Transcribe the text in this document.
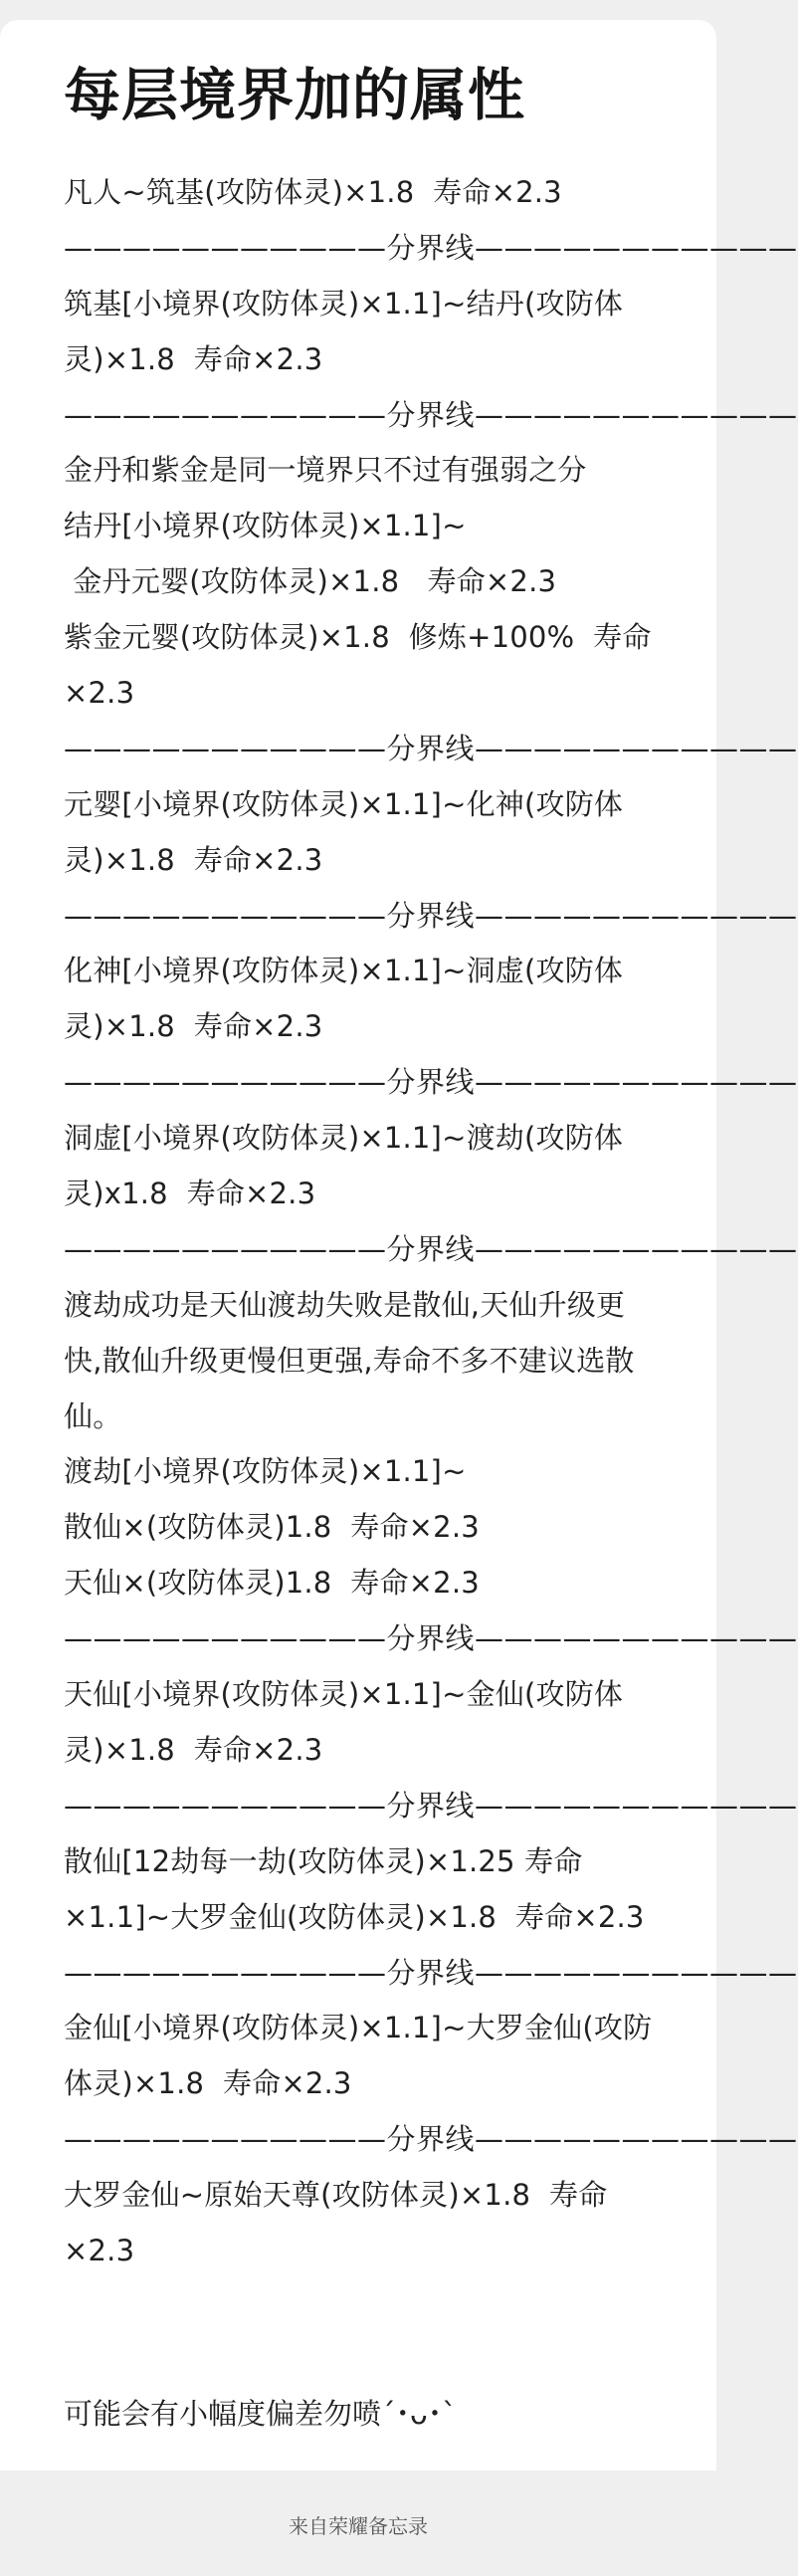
每层境界加的属性
凡人~筑基(攻防体灵)×1.8  寿命×2.3
———————————分界线———————————
筑基[小境界(攻防体灵)×1.1]~结丹(攻防体
灵)×1.8  寿命×2.3
———————————分界线———————————
金丹和紫金是同一境界只不过有强弱之分
结丹[小境界(攻防体灵)×1.1]~
金丹元婴(攻防体灵)×1.8   寿命×2.3
紫金元婴(攻防体灵)×1.8  修炼+100%  寿命
×2.3
———————————分界线———————————
元婴[小境界(攻防体灵)×1.1]~化神(攻防体
灵)×1.8  寿命×2.3
———————————分界线———————————
化神[小境界(攻防体灵)×1.1]~洞虚(攻防体
灵)×1.8  寿命×2.3
———————————分界线———————————
洞虚[小境界(攻防体灵)×1.1]~渡劫(攻防体
灵)x1.8  寿命×2.3
———————————分界线———————————
渡劫成功是天仙渡劫失败是散仙,天仙升级更
快,散仙升级更慢但更强,寿命不多不建议选散
仙。
渡劫[小境界(攻防体灵)×1.1]~
散仙×(攻防体灵)1.8  寿命×2.3
天仙×(攻防体灵)1.8  寿命×2.3
———————————分界线———————————
天仙[小境界(攻防体灵)×1.1]~金仙(攻防体
灵)×1.8  寿命×2.3
———————————分界线———————————
散仙[12劫每一劫(攻防体灵)×1.25 寿命
×1.1]~大罗金仙(攻防体灵)×1.8  寿命×2.3
———————————分界线———————————
金仙[小境界(攻防体灵)×1.1]~大罗金仙(攻防
体灵)×1.8  寿命×2.3
———————————分界线———————————
大罗金仙~原始天尊(攻防体灵)×1.8  寿命
×2.3
可能会有小幅度偏差勿喷´･ᴗ･`
来自荣耀备忘录
